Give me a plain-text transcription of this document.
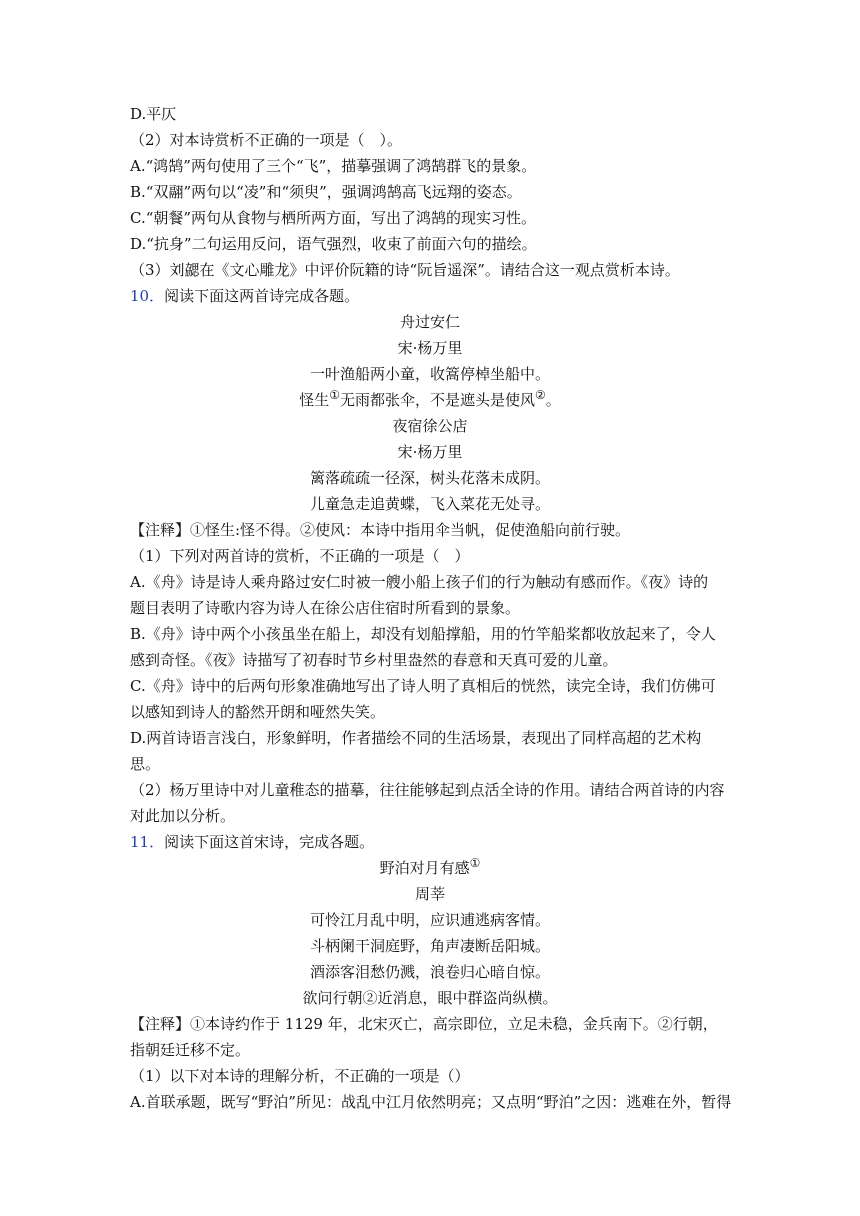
D.平仄
（2）对本诗赏析不正确的一项是（　）。
A.“鸿鹄”两句使用了三个“飞”，描摹强调了鸿鹄群飞的景象。
B.“双翮”两句以“凌”和“须臾”，强调鸿鹄高飞远翔的姿态。
C.“朝餐”两句从食物与栖所两方面，写出了鸿鹄的现实习性。
D.“抗身”二句运用反问，语气强烈，收束了前面六句的描绘。
（3）刘勰在《文心雕龙》中评价阮籍的诗“阮旨遥深”。请结合这一观点赏析本诗。
10．阅读下面这两首诗完成各题。
舟过安仁
宋·杨万里
一叶渔船两小童，收篙停棹坐船中。
怪生①无雨都张伞，不是遮头是使风②。
夜宿徐公店
宋·杨万里
篱落疏疏一径深，树头花落未成阴。
儿童急走追黄蝶，飞入菜花无处寻。
【注释】①怪生:怪不得。②使风：本诗中指用伞当帆，促使渔船向前行驶。
（1）下列对两首诗的赏析，不正确的一项是（　）
A.《舟》诗是诗人乘舟路过安仁时被一艘小船上孩子们的行为触动有感而作。《夜》诗的
题目表明了诗歌内容为诗人在徐公店住宿时所看到的景象。
B.《舟》诗中两个小孩虽坐在船上，却没有划船撑船，用的竹竿船桨都收放起来了，令人
感到奇怪。《夜》诗描写了初春时节乡村里盎然的春意和天真可爱的儿童。
C.《舟》诗中的后两句形象准确地写出了诗人明了真相后的恍然，读完全诗，我们仿佛可
以感知到诗人的豁然开朗和哑然失笑。
D.两首诗语言浅白，形象鲜明，作者描绘不同的生活场景，表现出了同样高超的艺术构
思。
（2）杨万里诗中对儿童稚态的描摹，往往能够起到点活全诗的作用。请结合两首诗的内容
对此加以分析。
11．阅读下面这首宋诗，完成各题。
野泊对月有感①
周莘
可怜江月乱中明，应识逋逃病客情。
斗柄阑干洞庭野，角声凄断岳阳城。
酒添客泪愁仍溅，浪卷归心暗自惊。
欲问行朝②近消息，眼中群盗尚纵横。
【注释】①本诗约作于 1129 年，北宋灭亡，高宗即位，立足未稳，金兵南下。②行朝，
指朝廷迁移不定。
（1）以下对本诗的理解分析，不正确的一项是（）
A.首联承题，既写“野泊”所见：战乱中江月依然明亮；又点明“野泊”之因：逃难在外，暂得
